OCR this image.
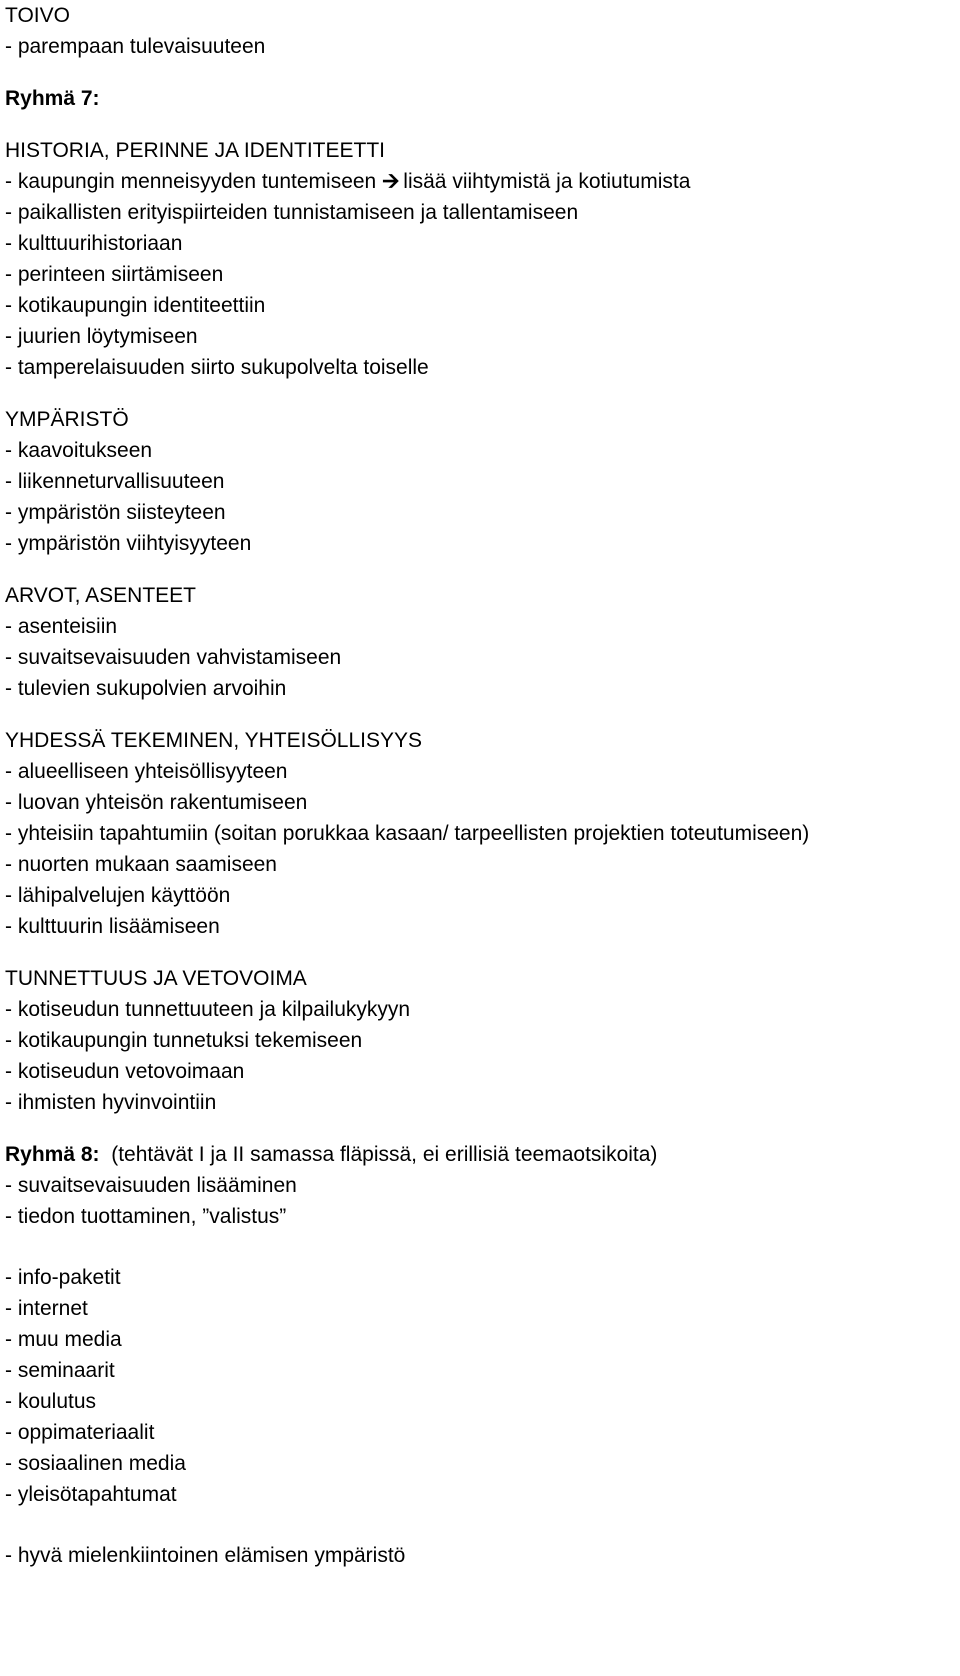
TOIVO
- parempaan tulevaisuuteen
Ryhmä 7:
HISTORIA, PERINNE JA IDENTITEETTI
- kaupungin menneisyyden tuntemiseen 🡪 lisää viihtymistä ja kotiutumista
- paikallisten erityispiirteiden tunnistamiseen ja tallentamiseen
- kulttuurihistoriaan
- perinteen siirtämiseen
- kotikaupungin identiteettiin
- juurien löytymiseen
- tamperelaisuuden siirto sukupolvelta toiselle
YMPÄRISTÖ
- kaavoitukseen
- liikenneturvallisuuteen
- ympäristön siisteyteen
- ympäristön viihtyisyyteen
ARVOT, ASENTEET
- asenteisiin
- suvaitsevaisuuden vahvistamiseen
- tulevien sukupolvien arvoihin
YHDESSÄ TEKEMINEN, YHTEISÖLLISYYS
- alueelliseen yhteisöllisyyteen
- luovan yhteisön rakentumiseen
- yhteisiin tapahtumiin (soitan porukkaa kasaan/ tarpeellisten projektien toteutumiseen)
- nuorten mukaan saamiseen
- lähipalvelujen käyttöön
- kulttuurin lisäämiseen
TUNNETTUUS JA VETOVOIMA
- kotiseudun tunnettuuteen ja kilpailukykyyn
- kotikaupungin tunnetuksi tekemiseen
- kotiseudun vetovoimaan
- ihmisten hyvinvointiin
Ryhmä 8: (tehtävät I ja II samassa fläpissä, ei erillisiä teemaotsikoita)
- suvaitsevaisuuden lisääminen
- tiedon tuottaminen, ”valistus”
- info-paketit
- internet
- muu media
- seminaarit
- koulutus
- oppimateriaalit
- sosiaalinen media
- yleisötapahtumat
- hyvä mielenkiintoinen elämisen ympäristö
